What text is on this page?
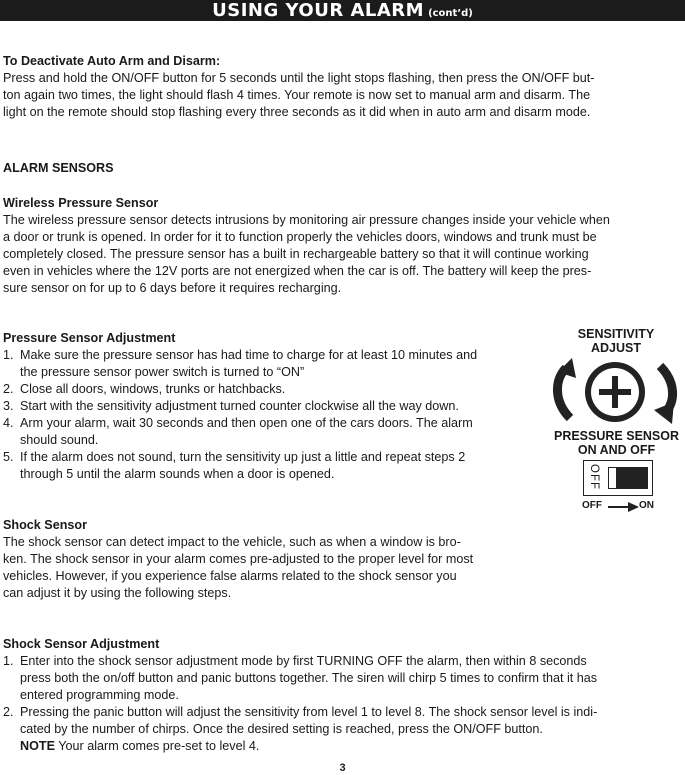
USING YOUR ALARM (cont’d)

To Deactivate Auto Arm and Disarm:

Press and hold the ON/OFF button for 5 seconds until the light stops flashing, then press the ON/OFF but-

ton again two times, the light should flash 4 times. Your remote is now set to manual arm and disarm. The

light on the remote should stop flashing every three seconds as it did when in auto arm and disarm mode.

ALARM SENSORS

Wireless Pressure Sensor

The wireless pressure sensor detects intrusions by monitoring air pressure changes inside your vehicle when

a door or trunk is opened. In order for it to function properly the vehicles doors, windows and trunk must be

completely closed. The pressure sensor has a built in rechargeable battery so that it will continue working

even in vehicles where the 12V ports are not energized when the car is off. The battery will keep the pres-

sure sensor on for up to 6 days before it requires recharging.

Pressure Sensor Adjustment

1. Make sure the pressure sensor has had time to charge for at least 10 minutes and
the pressure sensor power switch is turned to “ON”
2. Close all doors, windows, trunks or hatchbacks.
3. Start with the sensitivity adjustment turned counter clockwise all the way down.
4. Arm your alarm, wait 30 seconds and then open one of the cars doors. The alarm
should sound.
5. If the alarm does not sound, turn the sensitivity up just a little and repeat steps 2
through 5 until the alarm sounds when a door is opened.
SENSITIVITY
ADJUST
PRESSURE SENSOR
ON AND OFF
OFF
OFF	ON

Shock Sensor

The shock sensor can detect impact to the vehicle, such as when a window is bro-

ken. The shock sensor in your alarm comes pre-adjusted to the proper level for most

vehicles. However, if you experience false alarms related to the shock sensor you

can adjust it by using the following steps.

Shock Sensor Adjustment

1. Enter into the shock sensor adjustment mode by first TURNING OFF the alarm, then within 8 seconds
press both the on/off button and panic buttons together. The siren will chirp 5 times to confirm that it has
entered programming mode.
2. Pressing the panic button will adjust the sensitivity from level 1 to level 8. The shock sensor level is indi-
cated by the number of chirps. Once the desired setting is reached, press the ON/OFF button.
NOTE Your alarm comes pre-set to level 4.
3
